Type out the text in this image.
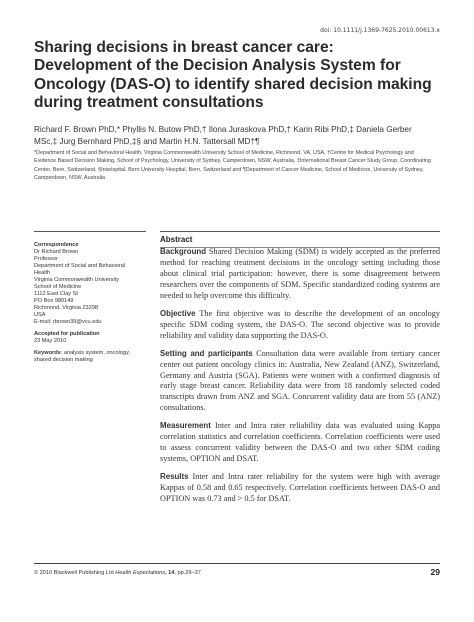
doi: 10.1111/j.1369-7625.2010.00613.x
Sharing decisions in breast cancer care: Development of the Decision Analysis System for Oncology (DAS-O) to identify shared decision making during treatment consultations
Richard F. Brown PhD,* Phyllis N. Butow PhD,† Ilona Juraskova PhD,† Karin Ribi PhD,‡ Daniela Gerber MSc,‡ Jurg Bernhard PhD,‡§ and Martin H.N. Tattersall MD†¶
*Department of Social and Behavioral Health, Virginia Commonwealth University School of Medicine, Richmond, VA, USA, †Centre for Medical Psychology and Evidence Based Decision Making, School of Psychology, University of Sydney, Camperdown, NSW, Australia, ‡International Breast Cancer Study Group, Coordinating Center, Bern, Switzerland, §Inselspital, Bern University Hospital, Bern, Switzerland and ¶Department of Cancer Medicine, School of Medicine, University of Sydney, Camperdown, NSW, Australia
Correspondence
Dr Richard Brown
Professor
Department of Social and Behavioral
Health
Virginia Commonwealth University
School of Medicine
1112 East Clay St
PO Box 980149
Richmond, Virginia 23298
USA
E-mail: rbrown39@vcu.edu
Accepted for publication
23 May 2010
Keywords: analysis system, oncology, shared decision making
Abstract

Background Shared Decision Making (SDM) is widely accepted as the preferred method for reaching treatment decisions in the oncology setting including those about clinical trial participation: however, there is some disagreement between researchers over the components of SDM. Specific standardized coding systems are needed to help overcome this difficulty.

Objective The first objective was to describe the development of an oncology specific SDM coding system, the DAS-O. The second objective was to provide reliability and validity data supporting the DAS-O.

Setting and participants Consultation data were available from tertiary cancer center out patient oncology clinics in: Australia, New Zealand (ANZ), Switzerland, Germany and Austria (SGA). Patients were women with a confirmed diagnosis of early stage breast cancer. Reliability data were from 18 randomly selected coded transcripts drawn from ANZ and SGA. Concurrent validity data are from 55 (ANZ) consultations.

Measurement Inter and Intra rater reliability data was evaluated using Kappa correlation statistics and correlation coefficients. Correlation coefficients were used to assess concurrent validity between the DAS-O and two other SDM coding systems, OPTION and DSAT.

Results Inter and Intra rater reliability for the system were high with average Kappas of 0.58 and 0.65 respectively. Correlation coefficients between DAS-O and OPTION was 0.73 and > 0.5 for DSAT.

© 2010 Blackwell Publishing Ltd Health Expectations, 14, pp.29–37	29
